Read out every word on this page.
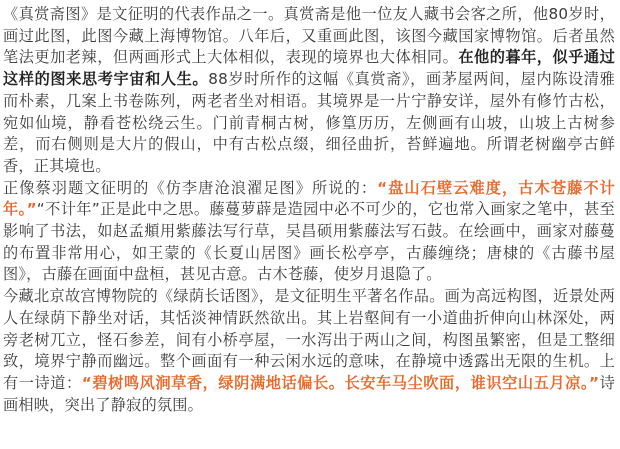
《真赏斋图》是文征明的代表作品之一。真赏斋是他一位友人藏书会客之所，他80岁时，画过此图，此图今藏上海博物馆。八年后，又重画此图，该图今藏国家博物馆。后者虽然笔法更加老辣，但两画形式上大体相似，表现的境界也大体相同。在他的暮年，似乎通过这样的图来思考宇宙和人生。88岁时所作的这幅《真赏斋》，画茅屋两间，屋内陈设清雅而朴素，几案上书卷陈列，两老者坐对相语。其境界是一片宁静安详，屋外有修竹古松，宛如仙境，静看苍松绕云生。门前青桐古树，修篁历历，左侧画有山坡，山坡上古树参差，而右侧则是大片的假山，中有古松点缀，细径曲折，苔鲜遍地。所谓老树幽亭古鲜香，正其境也。

正像蔡羽题文征明的《仿李唐沧浪濯足图》所说的：“盘山石壁云难度，古木苍藤不计年。”“不计年”正是此中之思。藤蔓萝薜是造园中必不可少的，它也常入画家之笔中，甚至影响了书法，如赵孟頫用紫藤法写行草，吴昌硕用紫藤法写石鼓。在绘画中，画家对藤蔓的布置非常用心，如王蒙的《长夏山居图》画长松亭亭，古藤缠绕；唐棣的《古藤书屋图》，古藤在画面中盘桓，甚见古意。古木苍藤，使岁月退隐了。

今藏北京故宫博物院的《绿荫长话图》，是文征明生平著名作品。画为高远构图，近景处两人在绿荫下静坐对话，其恬淡神情跃然欲出。其上岩壑间有一小道曲折伸向山林深处，两旁老树兀立，怪石参差，间有小桥亭屋，一水泻出于两山之间，构图虽繁密，但是工整细致，境界宁静而幽远。整个画面有一种云闲水远的意味，在静境中透露出无限的生机。上有一诗道：“碧树鸣风涧草香，绿阴满地话偏长。长安车马尘吹面，谁识空山五月凉。”诗画相映，突出了静寂的氛围。
